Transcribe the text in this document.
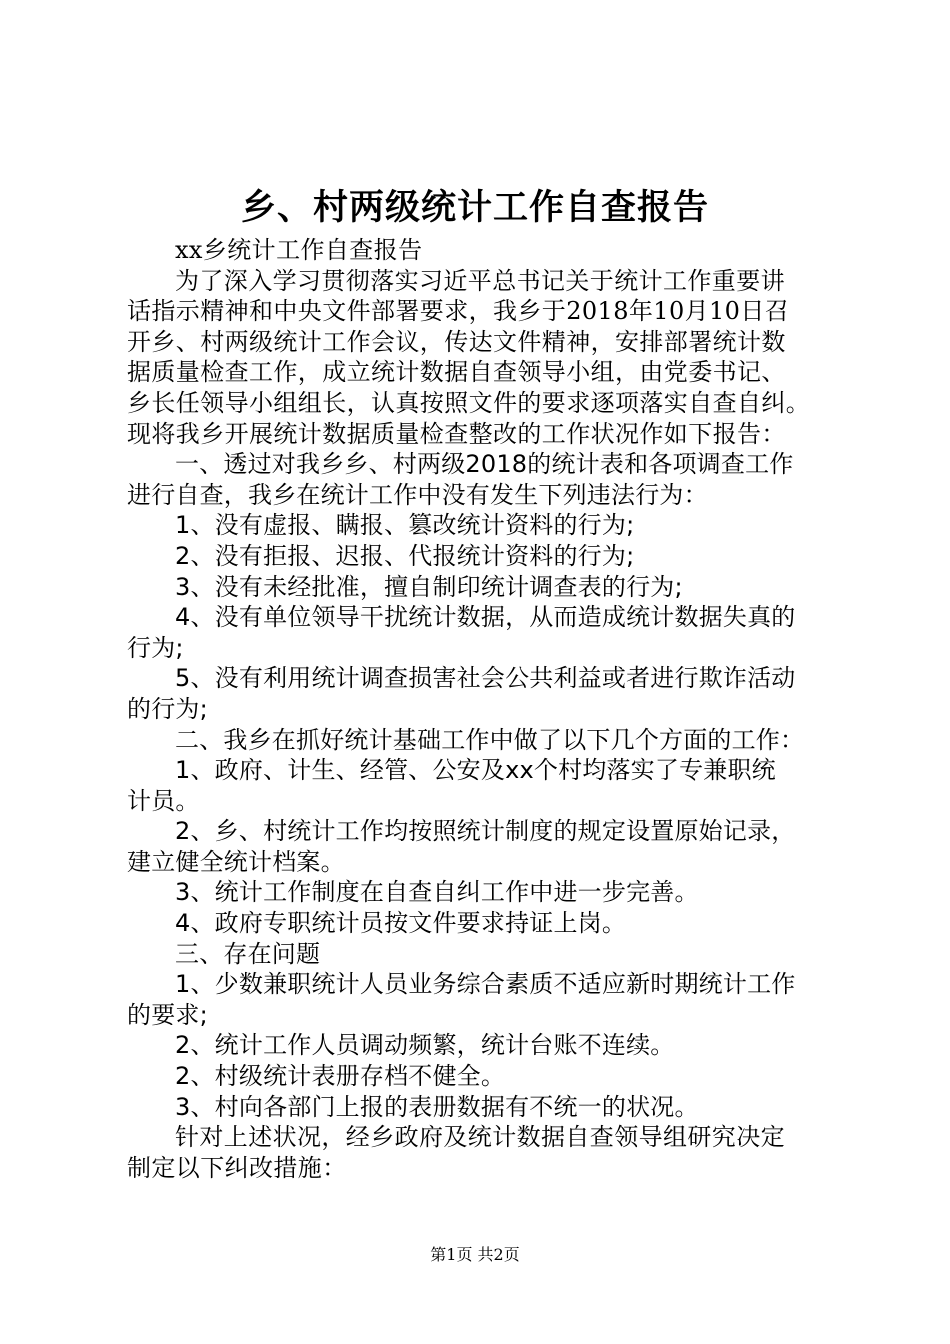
乡、村两级统计工作自查报告
xx乡统计工作自查报告
为了深入学习贯彻落实习近平总书记关于统计工作重要讲
话指示精神和中央文件部署要求，我乡于2018年10月10日召
开乡、村两级统计工作会议，传达文件精神，安排部署统计数
据质量检查工作，成立统计数据自查领导小组，由党委书记、
乡长任领导小组组长，认真按照文件的要求逐项落实自查自纠。
现将我乡开展统计数据质量检查整改的工作状况作如下报告：
一、透过对我乡乡、村两级2018的统计表和各项调查工作
进行自查，我乡在统计工作中没有发生下列违法行为：
1、没有虚报、瞒报、篡改统计资料的行为;
2、没有拒报、迟报、代报统计资料的行为;
3、没有未经批准，擅自制印统计调查表的行为;
4、没有单位领导干扰统计数据，从而造成统计数据失真的
行为;
5、没有利用统计调查损害社会公共利益或者进行欺诈活动
的行为;
二、我乡在抓好统计基础工作中做了以下几个方面的工作：
1、政府、计生、经管、公安及xx个村均落实了专兼职统
计员。
2、乡、村统计工作均按照统计制度的规定设置原始记录，
建立健全统计档案。
3、统计工作制度在自查自纠工作中进一步完善。
4、政府专职统计员按文件要求持证上岗。
三、存在问题
1、少数兼职统计人员业务综合素质不适应新时期统计工作
的要求;
2、统计工作人员调动频繁，统计台账不连续。
2、村级统计表册存档不健全。
3、村向各部门上报的表册数据有不统一的状况。
针对上述状况，经乡政府及统计数据自查领导组研究决定
制定以下纠改措施：
第1页 共2页
